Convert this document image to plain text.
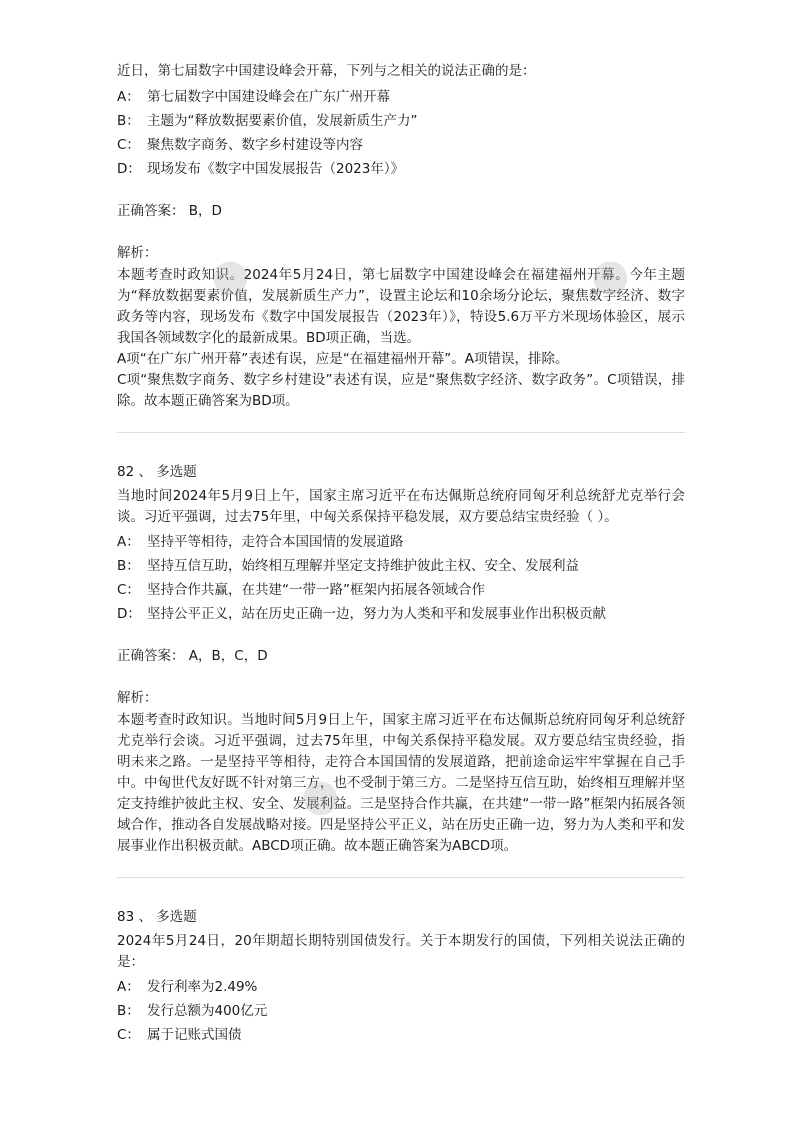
近日，第七届数字中国建设峰会开幕，下列与之相关的说法正确的是：
A： 第七届数字中国建设峰会在广东广州开幕
B： 主题为“释放数据要素价值，发展新质生产力”
C： 聚焦数字商务、数字乡村建设等内容
D： 现场发布《数字中国发展报告（2023年）》
正确答案： B，D
解析：
本题考查时政知识。2024年5月24日，第七届数字中国建设峰会在福建福州开幕。今年主题为“释放数据要素价值，发展新质生产力”，设置主论坛和10余场分论坛，聚焦数字经济、数字政务等内容，现场发布《数字中国发展报告（2023年）》，特设5.6万平方米现场体验区，展示我国各领域数字化的最新成果。BD项正确，当选。
A项“在广东广州开幕”表述有误，应是“在福建福州开幕”。A项错误，排除。
C项“聚焦数字商务、数字乡村建设”表述有误，应是“聚焦数字经济、数字政务”。C项错误，排除。故本题正确答案为BD项。
82 、 多选题
当地时间2024年5月9日上午，国家主席习近平在布达佩斯总统府同匈牙利总统舒尤克举行会谈。习近平强调，过去75年里，中匈关系保持平稳发展，双方要总结宝贵经验（ ）。
A： 坚持平等相待，走符合本国国情的发展道路
B： 坚持互信互助，始终相互理解并坚定支持维护彼此主权、安全、发展利益
C： 坚持合作共赢，在共建“一带一路”框架内拓展各领域合作
D： 坚持公平正义，站在历史正确一边，努力为人类和平和发展事业作出积极贡献
正确答案： A，B，C，D
解析：
本题考查时政知识。当地时间5月9日上午，国家主席习近平在布达佩斯总统府同匈牙利总统舒尤克举行会谈。习近平强调，过去75年里，中匈关系保持平稳发展。双方要总结宝贵经验，指明未来之路。一是坚持平等相待，走符合本国国情的发展道路，把前途命运牢牢掌握在自己手中。中匈世代友好既不针对第三方，也不受制于第三方。二是坚持互信互助，始终相互理解并坚定支持维护彼此主权、安全、发展利益。三是坚持合作共赢，在共建“一带一路”框架内拓展各领域合作，推动各自发展战略对接。四是坚持公平正义，站在历史正确一边，努力为人类和平和发展事业作出积极贡献。ABCD项正确。故本题正确答案为ABCD项。
83 、 多选题
2024年5月24日，20年期超长期特别国债发行。关于本期发行的国债，下列相关说法正确的是：
A： 发行利率为2.49%
B： 发行总额为400亿元
C： 属于记账式国债
●	●
●
